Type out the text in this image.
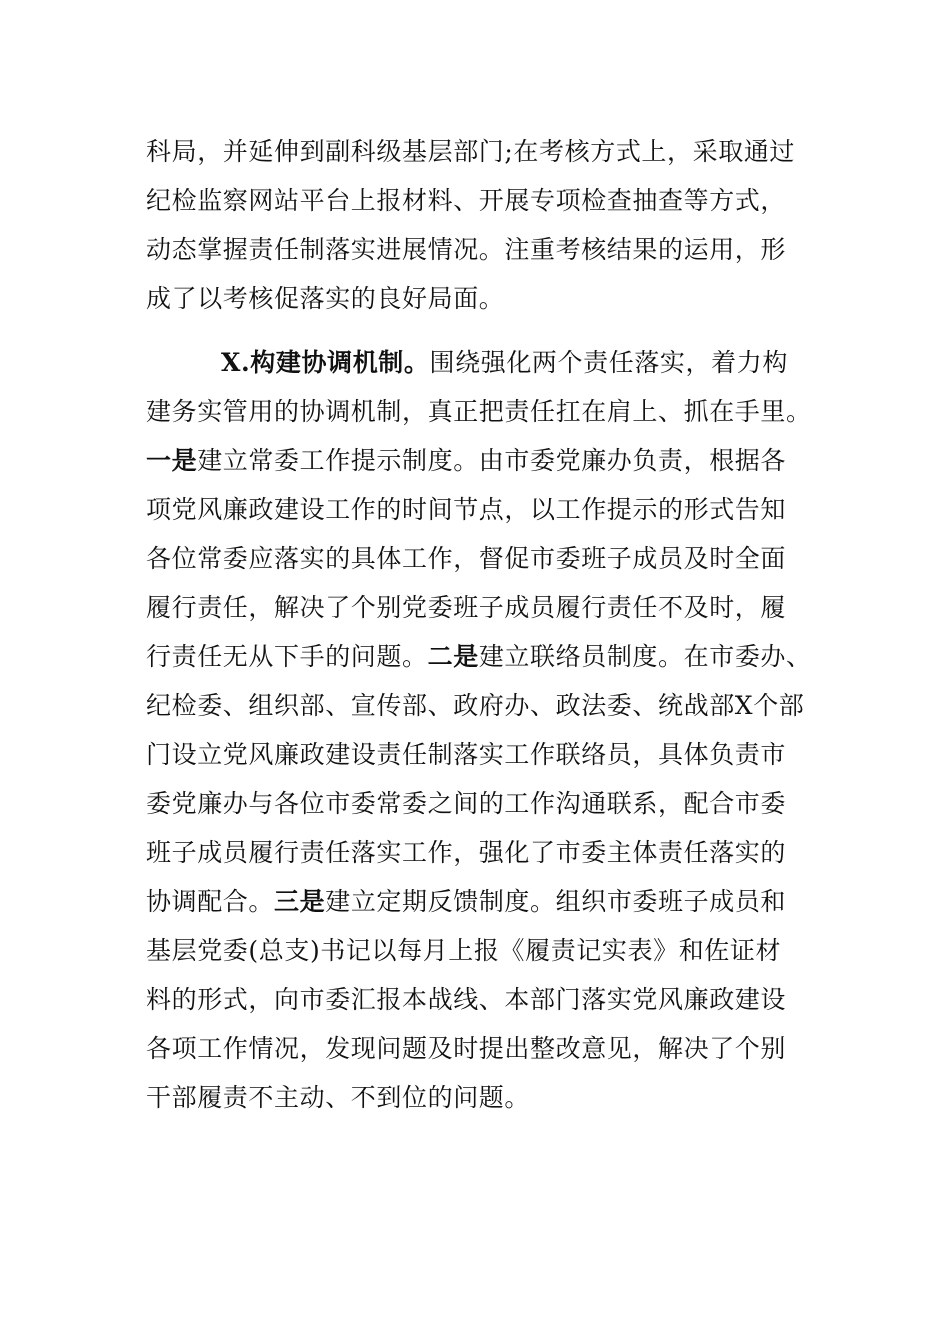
科局，并延伸到副科级基层部门;在考核方式上，采取通过
纪检监察网站平台上报材料、开展专项检查抽查等方式，
动态掌握责任制落实进展情况。注重考核结果的运用，形
成了以考核促落实的良好局面。
X.构建协调机制。围绕强化两个责任落实，着力构
建务实管用的协调机制，真正把责任扛在肩上、抓在手里。
一是建立常委工作提示制度。由市委党廉办负责，根据各
项党风廉政建设工作的时间节点，以工作提示的形式告知
各位常委应落实的具体工作，督促市委班子成员及时全面
履行责任，解决了个别党委班子成员履行责任不及时，履
行责任无从下手的问题。二是建立联络员制度。在市委办、
纪检委、组织部、宣传部、政府办、政法委、统战部X个部
门设立党风廉政建设责任制落实工作联络员，具体负责市
委党廉办与各位市委常委之间的工作沟通联系，配合市委
班子成员履行责任落实工作，强化了市委主体责任落实的
协调配合。三是建立定期反馈制度。组织市委班子成员和
基层党委(总支)书记以每月上报《履责记实表》和佐证材
料的形式，向市委汇报本战线、本部门落实党风廉政建设
各项工作情况，发现问题及时提出整改意见，解决了个别
干部履责不主动、不到位的问题。
